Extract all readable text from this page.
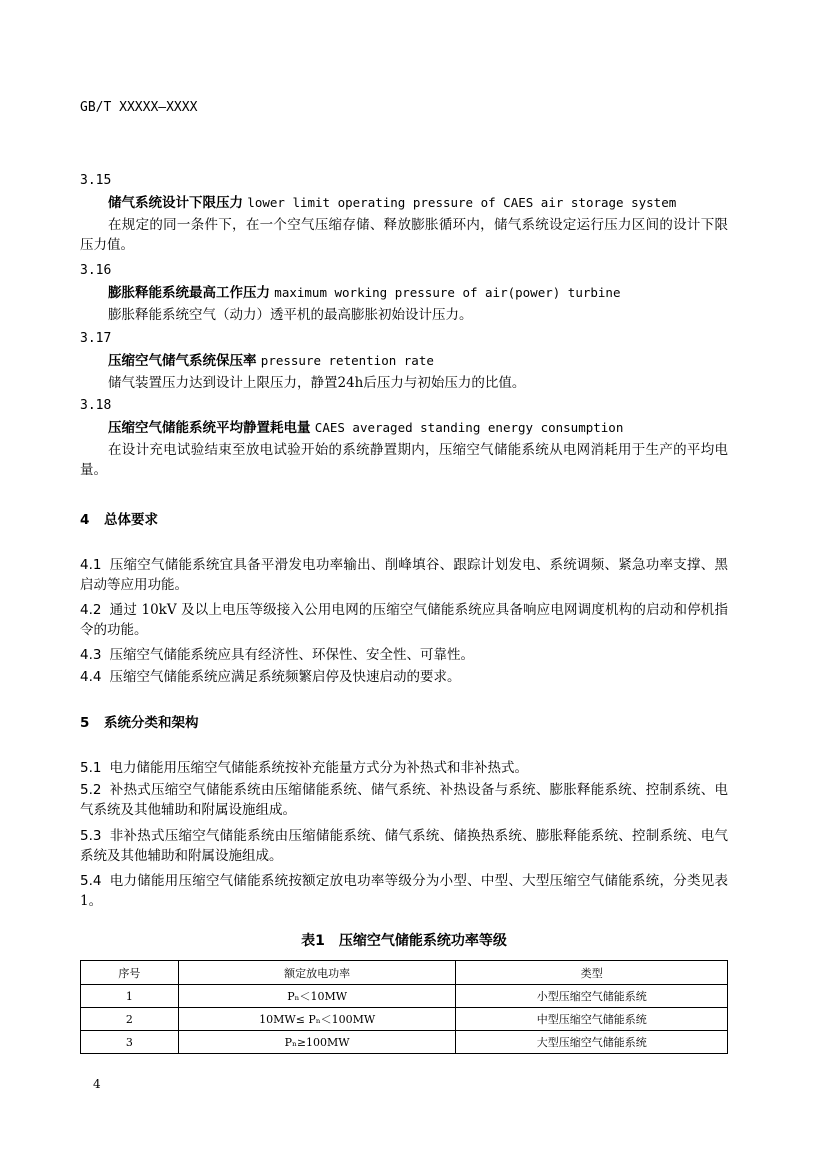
GB/T XXXXX—XXXX
3.15
储气系统设计下限压力 lower limit operating pressure of CAES air storage system
在规定的同一条件下，在一个空气压缩存储、释放膨胀循环内，储气系统设定运行压力区间的设计下限压力值。
3.16
膨胀释能系统最高工作压力 maximum working pressure of air(power) turbine
膨胀释能系统空气（动力）透平机的最高膨胀初始设计压力。
3.17
压缩空气储气系统保压率 pressure retention rate
储气装置压力达到设计上限压力，静置24h后压力与初始压力的比值。
3.18
压缩空气储能系统平均静置耗电量 CAES averaged standing energy consumption
在设计充电试验结束至放电试验开始的系统静置期内，压缩空气储能系统从电网消耗用于生产的平均电量。
4 总体要求
4.1 压缩空气储能系统宜具备平滑发电功率输出、削峰填谷、跟踪计划发电、系统调频、紧急功率支撑、黑启动等应用功能。
4.2 通过 10kV 及以上电压等级接入公用电网的压缩空气储能系统应具备响应电网调度机构的启动和停机指令的功能。
4.3 压缩空气储能系统应具有经济性、环保性、安全性、可靠性。
4.4 压缩空气储能系统应满足系统频繁启停及快速启动的要求。
5 系统分类和架构
5.1 电力储能用压缩空气储能系统按补充能量方式分为补热式和非补热式。
5.2 补热式压缩空气储能系统由压缩储能系统、储气系统、补热设备与系统、膨胀释能系统、控制系统、电气系统及其他辅助和附属设施组成。
5.3 非补热式压缩空气储能系统由压缩储能系统、储气系统、储换热系统、膨胀释能系统、控制系统、电气系统及其他辅助和附属设施组成。
5.4 电力储能用压缩空气储能系统按额定放电功率等级分为小型、中型、大型压缩空气储能系统，分类见表 1。
表1　压缩空气储能系统功率等级
序号	额定放电功率	类型
1	Pₙ＜10MW	小型压缩空气储能系统
2	10MW≤ Pₙ＜100MW	中型压缩空气储能系统
3	Pₙ≥100MW	大型压缩空气储能系统
4
